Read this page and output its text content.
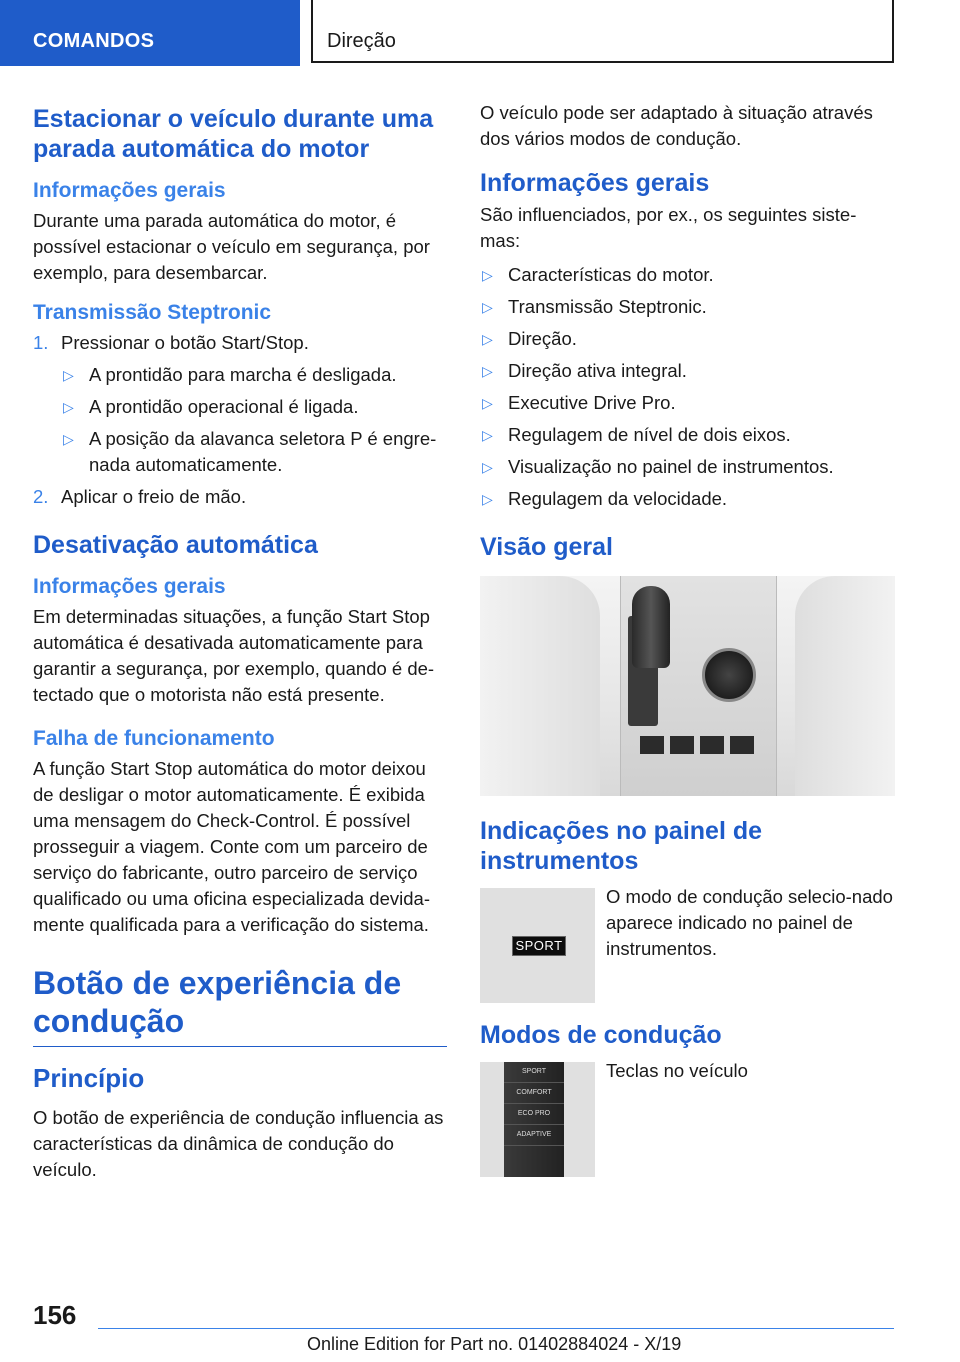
COMANDOS	Direção
Estacionar o veículo durante uma parada automática do motor
Informações gerais

Durante uma parada automática do motor, é possível estacionar o veículo em segurança, por exemplo, para desembarcar.

Transmissão Steptronic
1. Pressionar o botão Start/Stop.
▷ A prontidão para marcha é desligada.
▷ A prontidão operacional é ligada.
▷ A posição da alavanca seletora P é engre-nada automaticamente.
2. Aplicar o freio de mão.
Desativação automática
Informações gerais

Em determinadas situações, a função Start Stop automática é desativada automaticamente para garantir a segurança, por exemplo, quando é de-tectado que o motorista não está presente.

Falha de funcionamento

A função Start Stop automática do motor deixou de desligar o motor automaticamente. É exibida uma mensagem do Check-Control. É possível prosseguir a viagem. Conte com um parceiro de serviço do fabricante, outro parceiro de serviço qualificado ou uma oficina especializada devida-mente qualificada para a verificação do sistema.

Botão de experiência de condução
Princípio

O botão de experiência de condução influencia as características da dinâmica de condução do veículo.

O veículo pode ser adaptado à situação através dos vários modos de condução.

Informações gerais

São influenciados, por ex., os seguintes siste-mas:

▷ Características do motor.
▷ Transmissão Steptronic.
▷ Direção.
▷ Direção ativa integral.
▷ Executive Drive Pro.
▷ Regulagem de nível de dois eixos.
▷ Visualização no painel de instrumentos.
▷ Regulagem da velocidade.
Visão geral
Indicações no painel de instrumentos
SPORT

O modo de condução selecio-nado aparece indicado no painel de instrumentos.

Modos de condução
SPORT
COMFORT
ECO PRO
ADAPTIVE

Teclas no veículo

156
Online Edition for Part no. 01402884024 - X/19
